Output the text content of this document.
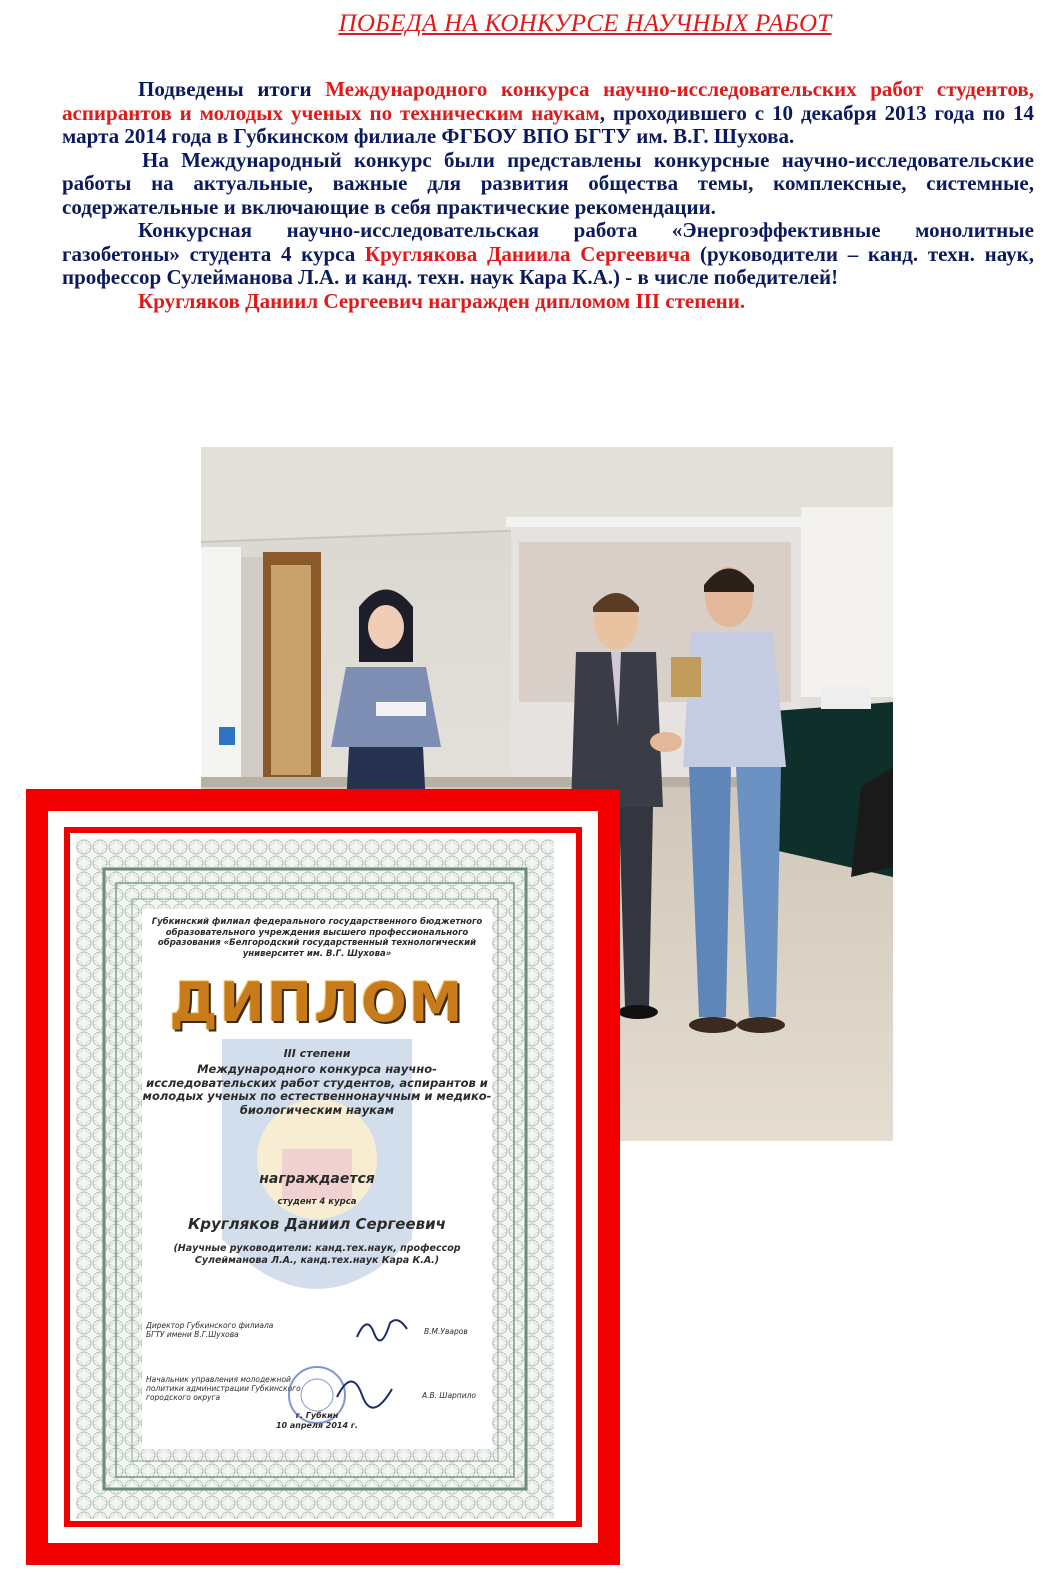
ПОБЕДА НА КОНКУРСЕ НАУЧНЫХ РАБОТ

Подведены итоги Международного конкурса научно-исследовательских работ студентов, аспирантов и молодых ученых по техническим наукам, проходившего с 10 декабря 2013 года по 14 марта 2014 года в Губкинском филиале ФГБОУ ВПО БГТУ им. В.Г. Шухова.

На Международный конкурс были представлены конкурсные научно-исследовательские работы на актуальные, важные для развития общества темы, комплексные, системные, содержательные и включающие в себя практические рекомендации.

Конкурсная научно-исследовательская работа «Энергоэффективные монолитные газобетоны» студента 4 курса Круглякова Даниила Сергеевича (руководители – канд. техн. наук, профессор Сулейманова Л.А. и канд. техн. наук Кара К.А.) - в числе победителей!

Кругляков Даниил Сергеевич награжден дипломом III степени.

Губкинский филиал федерального государственного бюджетного образовательного учреждения высшего профессионального образования «Белгородский государственный технологический университет им. В.Г. Шухова»
ДИПЛОМ
III степени
Международного конкурса научно-исследовательских работ студентов, аспирантов и молодых ученых по естественнонаучным и медико-биологическим наукам
награждается
студент 4 курса
Кругляков Даниил Сергеевич
(Научные руководители: канд.тех.наук, профессор Сулейманова Л.А., канд.тех.наук Кара К.А.)
Директор Губкинского филиала БГТУ имени В.Г.Шухова	В.М.Уваров
Начальник управления молодежной политики администрации Губкинского городского округа	А.В. Шарпило
г. Губкин
10 апреля 2014 г.
